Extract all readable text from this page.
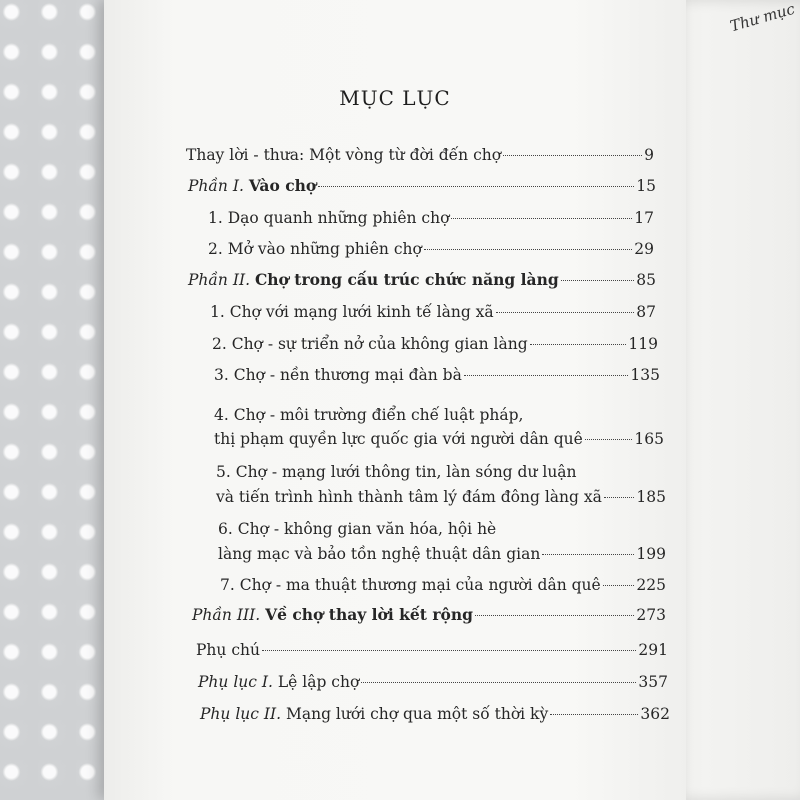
Thư mục
MỤC LỤC
Thay lời - thưa: Một vòng từ đời đến chợ	9
Phần I. Vào chợ	15
1. Dạo quanh những phiên chợ	17
2. Mở vào những phiên chợ	29
Phần II. Chợ trong cấu trúc chức năng làng	85
1. Chợ với mạng lưới kinh tế làng xã	87
2. Chợ - sự triển nở của không gian làng	119
3. Chợ - nền thương mại đàn bà	135
4. Chợ - môi trường điển chế luật pháp,
thị phạm quyền lực quốc gia với người dân quê	165
5. Chợ - mạng lưới thông tin, làn sóng dư luận
và tiến trình hình thành tâm lý đám đông làng xã 185
6. Chợ - không gian văn hóa, hội hè
làng mạc và bảo tồn nghệ thuật dân gian	199
7. Chợ - ma thuật thương mại của người dân quê 225
Phần III. Về chợ thay lời kết rộng	273
Phụ chú	291
Phụ lục I. Lệ lập chợ	357
Phụ lục II. Mạng lưới chợ qua một số thời kỳ	362
